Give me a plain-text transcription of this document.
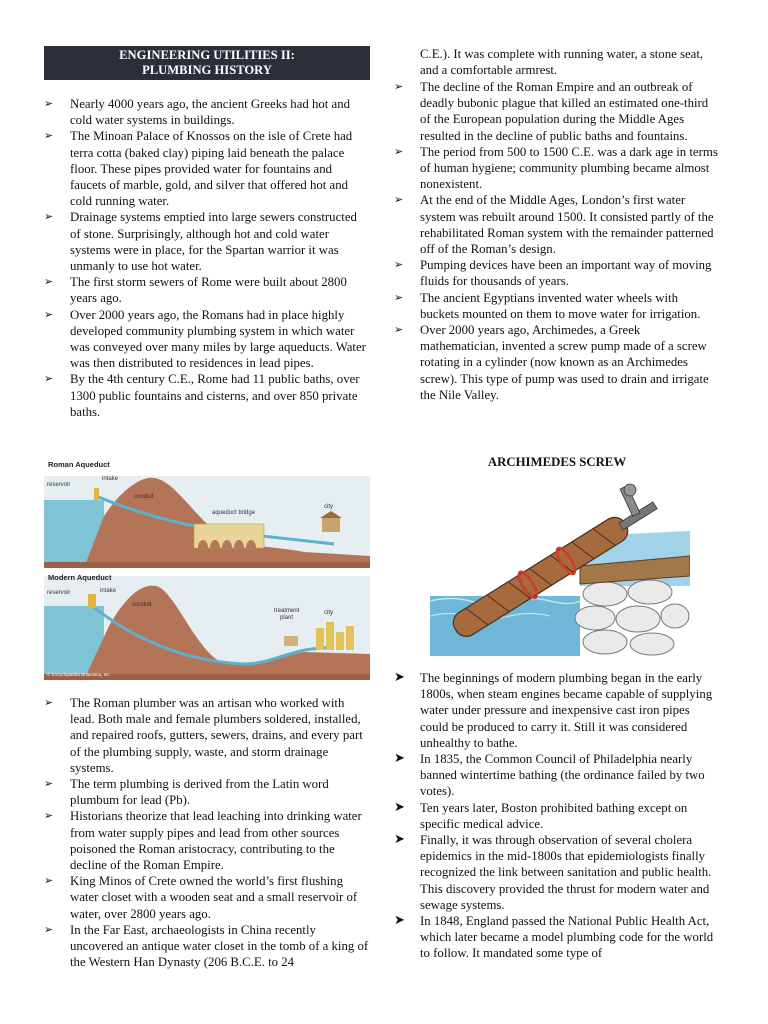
ENGINEERING UTILITIES II:
PLUMBING HISTORY
➢ Nearly 4000 years ago, the ancient Greeks had hot and cold water systems in buildings.
➢ The Minoan Palace of Knossos on the isle of Crete had terra cotta (baked clay) piping laid beneath the palace floor. These pipes provided water for fountains and faucets of marble, gold, and silver that offered hot and cold running water.
➢ Drainage systems emptied into large sewers constructed of stone. Surprisingly, although hot and cold water systems were in place, for the Spartan warrior it was unmanly to use hot water.
➢ The first storm sewers of Rome were built about 2800 years ago.
➢ Over 2000 years ago, the Romans had in place highly developed community plumbing system in which water was conveyed over many miles by large aqueducts. Water was then distributed to residences in lead pipes.
➢ By the 4th century C.E., Rome had 11 public baths, over 1300 public fountains and cisterns, and over 850 private baths.
➢ The Roman plumber was an artisan who worked with lead. Both male and female plumbers soldered, installed, and repaired roofs, gutters, sewers, drains, and every part of the plumbing supply, waste, and storm drainage systems.
➢ The term plumbing is derived from the Latin word plumbum for lead (Pb).
➢ Historians theorize that lead leaching into drinking water from water supply pipes and lead from other sources poisoned the Roman aristocracy, contributing to the decline of the Roman Empire.
➢ King Minos of Crete owned the world’s first flushing water closet with a wooden seat and a small reservoir of water, over 2800 years ago.
➢ In the Far East, archaeologists in China recently uncovered an antique water closet in the tomb of a king of the Western Han Dynasty (206 B.C.E. to 24
Roman Aqueduct
reservoir
intake
conduit
aqueduct bridge
city
Modern Aqueduct
reservoir	intake
conduit
treatment
plant
city
© Encyclopædia Britannica, Inc.
C.E.). It was complete with running water, a stone seat, and a comfortable armrest.
➢ The decline of the Roman Empire and an outbreak of deadly bubonic plague that killed an estimated one-third of the European population during the Middle Ages resulted in the decline of public baths and fountains.
➢ The period from 500 to 1500 C.E. was a dark age in terms of human hygiene; community plumbing became almost nonexistent.
➢ At the end of the Middle Ages, London’s first water system was rebuilt around 1500. It consisted partly of the rehabilitated Roman system with the remainder patterned off of the Roman’s design.
➢ Pumping devices have been an important way of moving fluids for thousands of years.
➢ The ancient Egyptians invented water wheels with buckets mounted on them to move water for irrigation.
➢ Over 2000 years ago, Archimedes, a Greek mathematician, invented a screw pump made of a screw rotating in a cylinder (now known as an Archimedes screw). This type of pump was used to drain and irrigate the Nile Valley.
➤ The beginnings of modern plumbing began in the early 1800s, when steam engines became capable of supplying water under pressure and inexpensive cast iron pipes could be produced to carry it. Still it was considered unhealthy to bathe.
➤ In 1835, the Common Council of Philadelphia nearly banned wintertime bathing (the ordinance failed by two votes).
➤ Ten years later, Boston prohibited bathing except on specific medical advice.
➤ Finally, it was through observation of several cholera epidemics in the mid-1800s that epidemiologists finally recognized the link between sanitation and public health. This discovery provided the thrust for modern water and sewage systems.
➤ In 1848, England passed the National Public Health Act, which later became a model plumbing code for the world to follow. It mandated some type of
ARCHIMEDES SCREW
